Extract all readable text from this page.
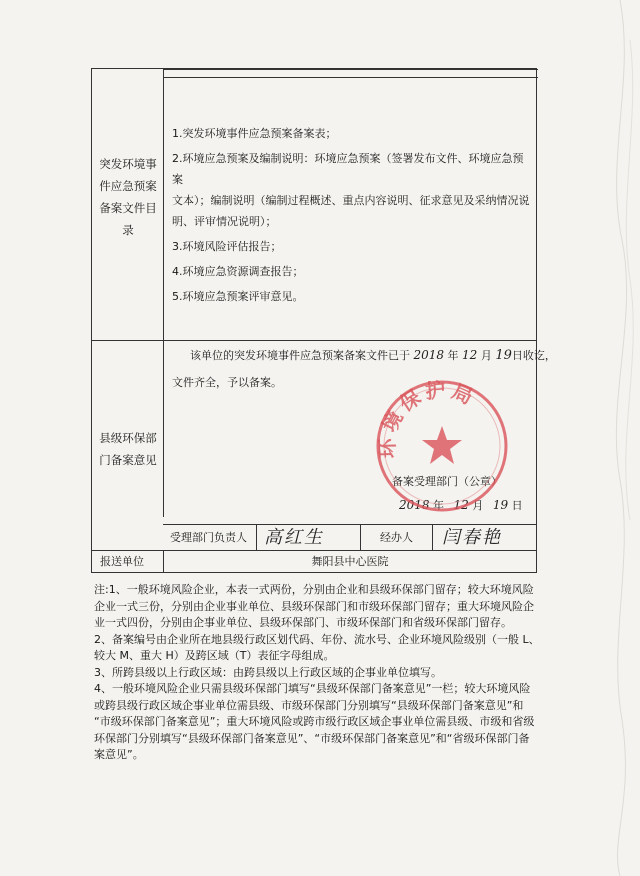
突发环境事
件应急预案
备案文件目
录
1.突发环境事件应急预案备案表；
2.环境应急预案及编制说明：环境应急预案（签署发布文件、环境应急预案
文本）；编制说明（编制过程概述、重点内容说明、征求意见及采纳情况说
明、评审情况说明）；
3.环境风险评估报告；
4.环境应急资源调查报告；
5.环境应急预案评审意见。
县级环保部
门备案意见
该单位的突发环境事件应急预案备案文件已于 2018 年 12 月 19日收讫，
文件齐全，予以备案。
备案受理部门（公章）
2018 年 12 月 19 日
受理部门负责人 高红生	经办人 闫春艳
报送单位	舞阳县中心医院
环境保护局

注:1、一般环境风险企业，本表一式两份，分别由企业和县级环保部门留存；较大环境风险

企业一式三份，分别由企业事业单位、县级环保部门和市级环保部门留存；重大环境风险企

业一式四份，分别由企事业单位、县级环保部门、市级环保部门和省级环保部门留存。

2、备案编号由企业所在地县级行政区划代码、年份、流水号、企业环境风险级别（一般 L、

较大 M、重大 H）及跨区域（T）表征字母组成。

3、所跨县级以上行政区域：由跨县级以上行政区域的企事业单位填写。

4、一般环境风险企业只需县级环保部门填写“县级环保部门备案意见”一栏；较大环境风险

或跨县级行政区域企事业单位需县级、市级环保部门分别填写“县级环保部门备案意见”和

“市级环保部门备案意见”；重大环境风险或跨市级行政区域企事业单位需县级、市级和省级

环保部门分别填写“县级环保部门备案意见”、“市级环保部门备案意见”和“省级环保部门备

案意见”。
